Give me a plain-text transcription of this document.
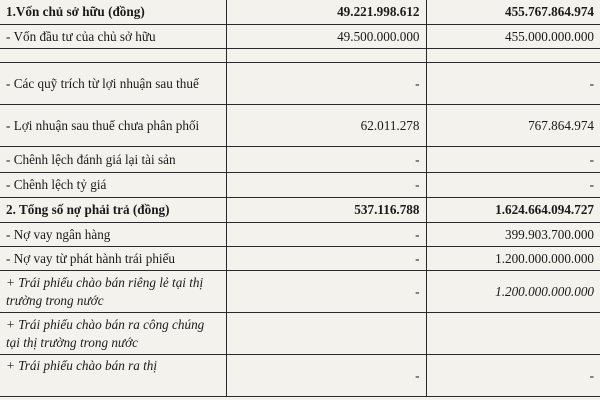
1.Vốn chủ sở hữu (đồng)	49.221.998.612	455.767.864.974
- Vốn đầu tư của chủ sở hữu	49.500.000.000	455.000.000.000

- Các quỹ trích từ lợi nhuận sau thuế	-	-
- Lợi nhuận sau thuế chưa phân phối	62.011.278	767.864.974
- Chênh lệch đánh giá lại tài sản	-	-
- Chênh lệch tỷ giá	-	-
2. Tổng số nợ phải trả (đồng)	537.116.788	1.624.664.094.727
- Nợ vay ngân hàng	-	399.903.700.000
- Nợ vay từ phát hành trái phiếu	-	1.200.000.000.000
+ Trái phiếu chào bán riêng lẻ tại thị trường trong nước	-	1.200.000.000.000
+ Trái phiếu chào bán ra công chúng tại thị trường trong nước		
+ Trái phiếu chào bán ra thị	-	-
